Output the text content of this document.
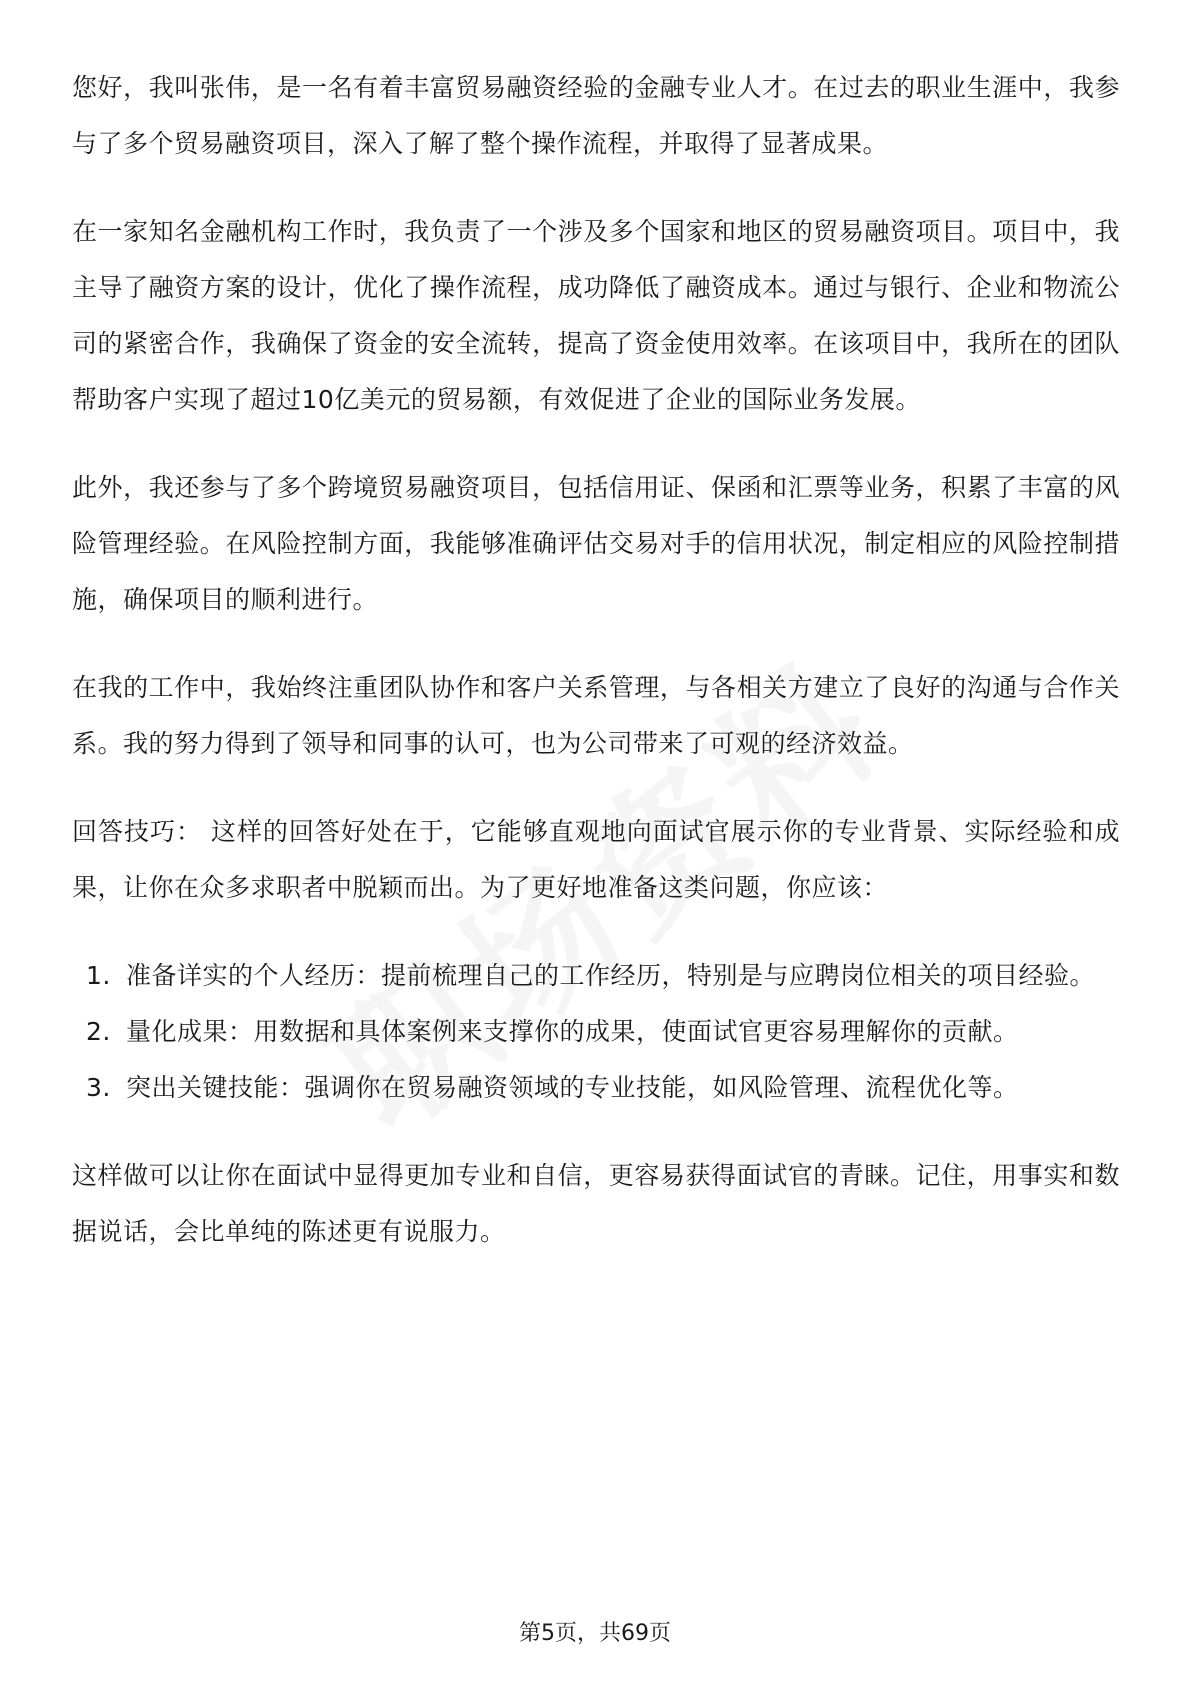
您好，我叫张伟，是一名有着丰富贸易融资经验的金融专业人才。在过去的职业生涯中，我参与了多个贸易融资项目，深入了解了整个操作流程，并取得了显著成果。

在一家知名金融机构工作时，我负责了一个涉及多个国家和地区的贸易融资项目。项目中，我主导了融资方案的设计，优化了操作流程，成功降低了融资成本。通过与银行、企业和物流公司的紧密合作，我确保了资金的安全流转，提高了资金使用效率。在该项目中，我所在的团队帮助客户实现了超过10亿美元的贸易额，有效促进了企业的国际业务发展。

此外，我还参与了多个跨境贸易融资项目，包括信用证、保函和汇票等业务，积累了丰富的风险管理经验。在风险控制方面，我能够准确评估交易对手的信用状况，制定相应的风险控制措施，确保项目的顺利进行。

在我的工作中，我始终注重团队协作和客户关系管理，与各相关方建立了良好的沟通与合作关系。我的努力得到了领导和同事的认可，也为公司带来了可观的经济效益。

回答技巧： 这样的回答好处在于，它能够直观地向面试官展示你的专业背景、实际经验和成果，让你在众多求职者中脱颖而出。为了更好地准备这类问题，你应该：

1. 准备详实的个人经历：提前梳理自己的工作经历，特别是与应聘岗位相关的项目经验。
2. 量化成果：用数据和具体案例来支撑你的成果，使面试官更容易理解你的贡献。
3. 突出关键技能：强调你在贸易融资领域的专业技能，如风险管理、流程优化等。

这样做可以让你在面试中显得更加专业和自信，更容易获得面试官的青睐。记住，用事实和数据说话，会比单纯的陈述更有说服力。

第5页，共69页
